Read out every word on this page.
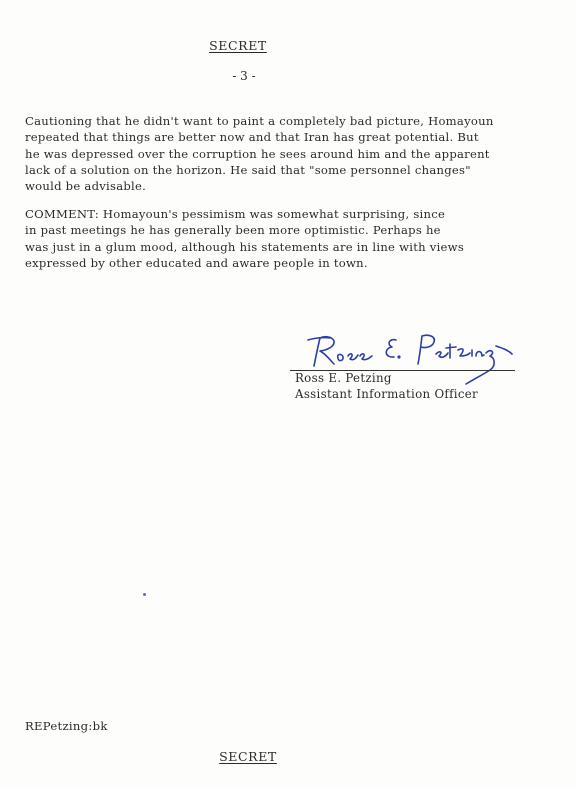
SECRET
- 3 -
Cautioning that he didn't want to paint a completely bad picture, Homayoun
repeated that things are better now and that Iran has great potential. But
he was depressed over the corruption he sees around him and the apparent
lack of a solution on the horizon. He said that "some personnel changes"
would be advisable.
COMMENT: Homayoun's pessimism was somewhat surprising, since
in past meetings he has generally been more optimistic. Perhaps he
was just in a glum mood, although his statements are in line with views
expressed by other educated and aware people in town.
Ross E. Petzing
Assistant Information Officer
REPetzing:bk
SECRET
